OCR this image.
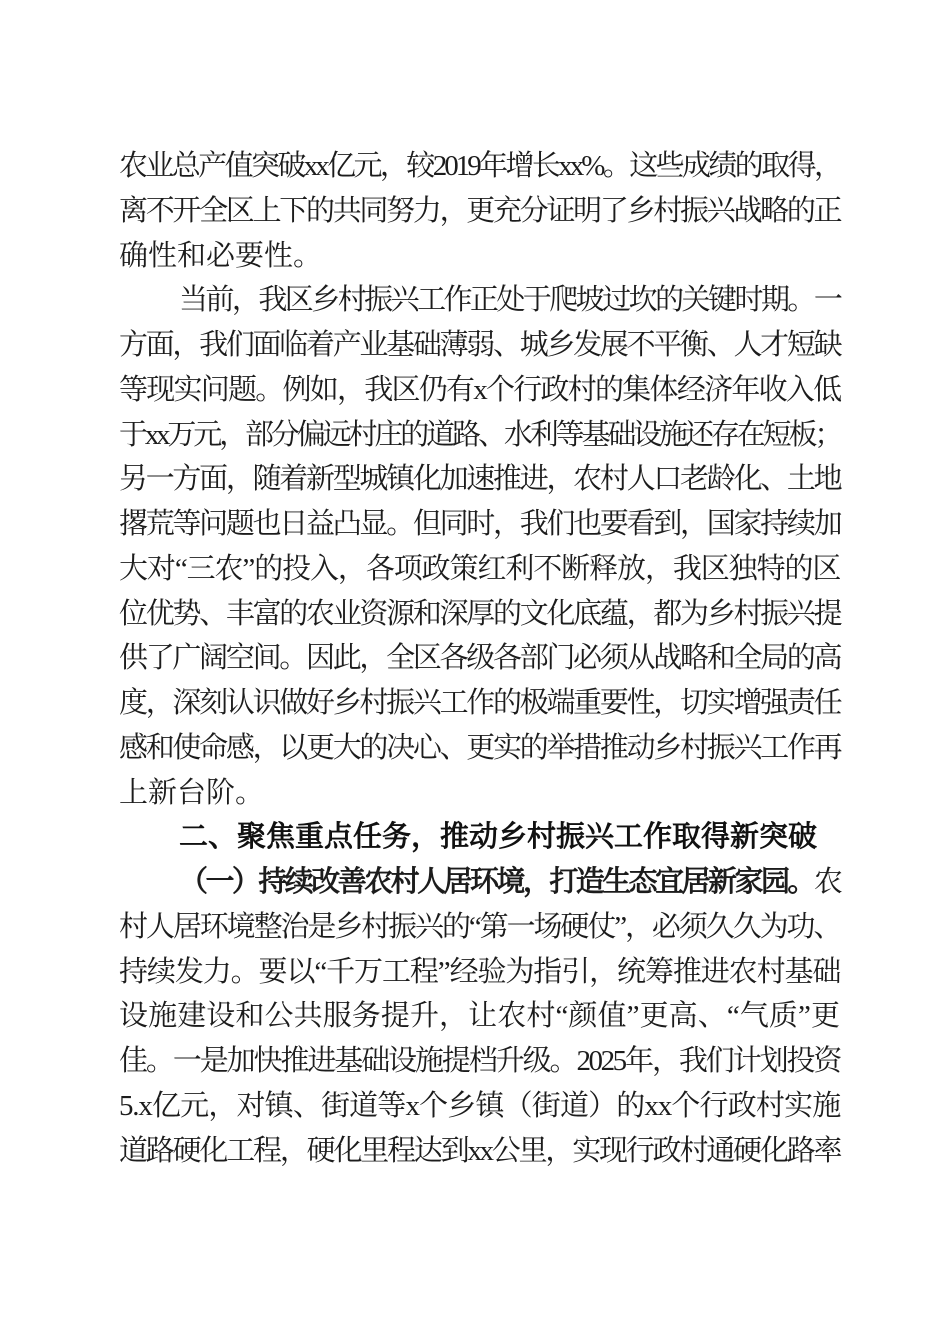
农业总产值突破xx亿元，较2019年增长xx%。这些成绩的取得，
离不开全区上下的共同努力，更充分证明了乡村振兴战略的正
确性和必要性。
当前，我区乡村振兴工作正处于爬坡过坎的关键时期。一
方面，我们面临着产业基础薄弱、城乡发展不平衡、人才短缺
等现实问题。例如，我区仍有x个行政村的集体经济年收入低
于xx万元，部分偏远村庄的道路、水利等基础设施还存在短板；
另一方面，随着新型城镇化加速推进，农村人口老龄化、土地
撂荒等问题也日益凸显。但同时，我们也要看到，国家持续加
大对“三农”的投入，各项政策红利不断释放，我区独特的区
位优势、丰富的农业资源和深厚的文化底蕴，都为乡村振兴提
供了广阔空间。因此，全区各级各部门必须从战略和全局的高
度，深刻认识做好乡村振兴工作的极端重要性，切实增强责任
感和使命感，以更大的决心、更实的举措推动乡村振兴工作再
上新台阶。
二、聚焦重点任务，推动乡村振兴工作取得新突破
（一）持续改善农村人居环境，打造生态宜居新家园。农
村人居环境整治是乡村振兴的“第一场硬仗”，必须久久为功、
持续发力。要以“千万工程”经验为指引，统筹推进农村基础
设施建设和公共服务提升，让农村“颜值”更高、“气质”更
佳。一是加快推进基础设施提档升级。2025年，我们计划投资
5.x亿元，对镇、街道等x个乡镇（街道）的xx个行政村实施
道路硬化工程，硬化里程达到xx公里，实现行政村通硬化路率
